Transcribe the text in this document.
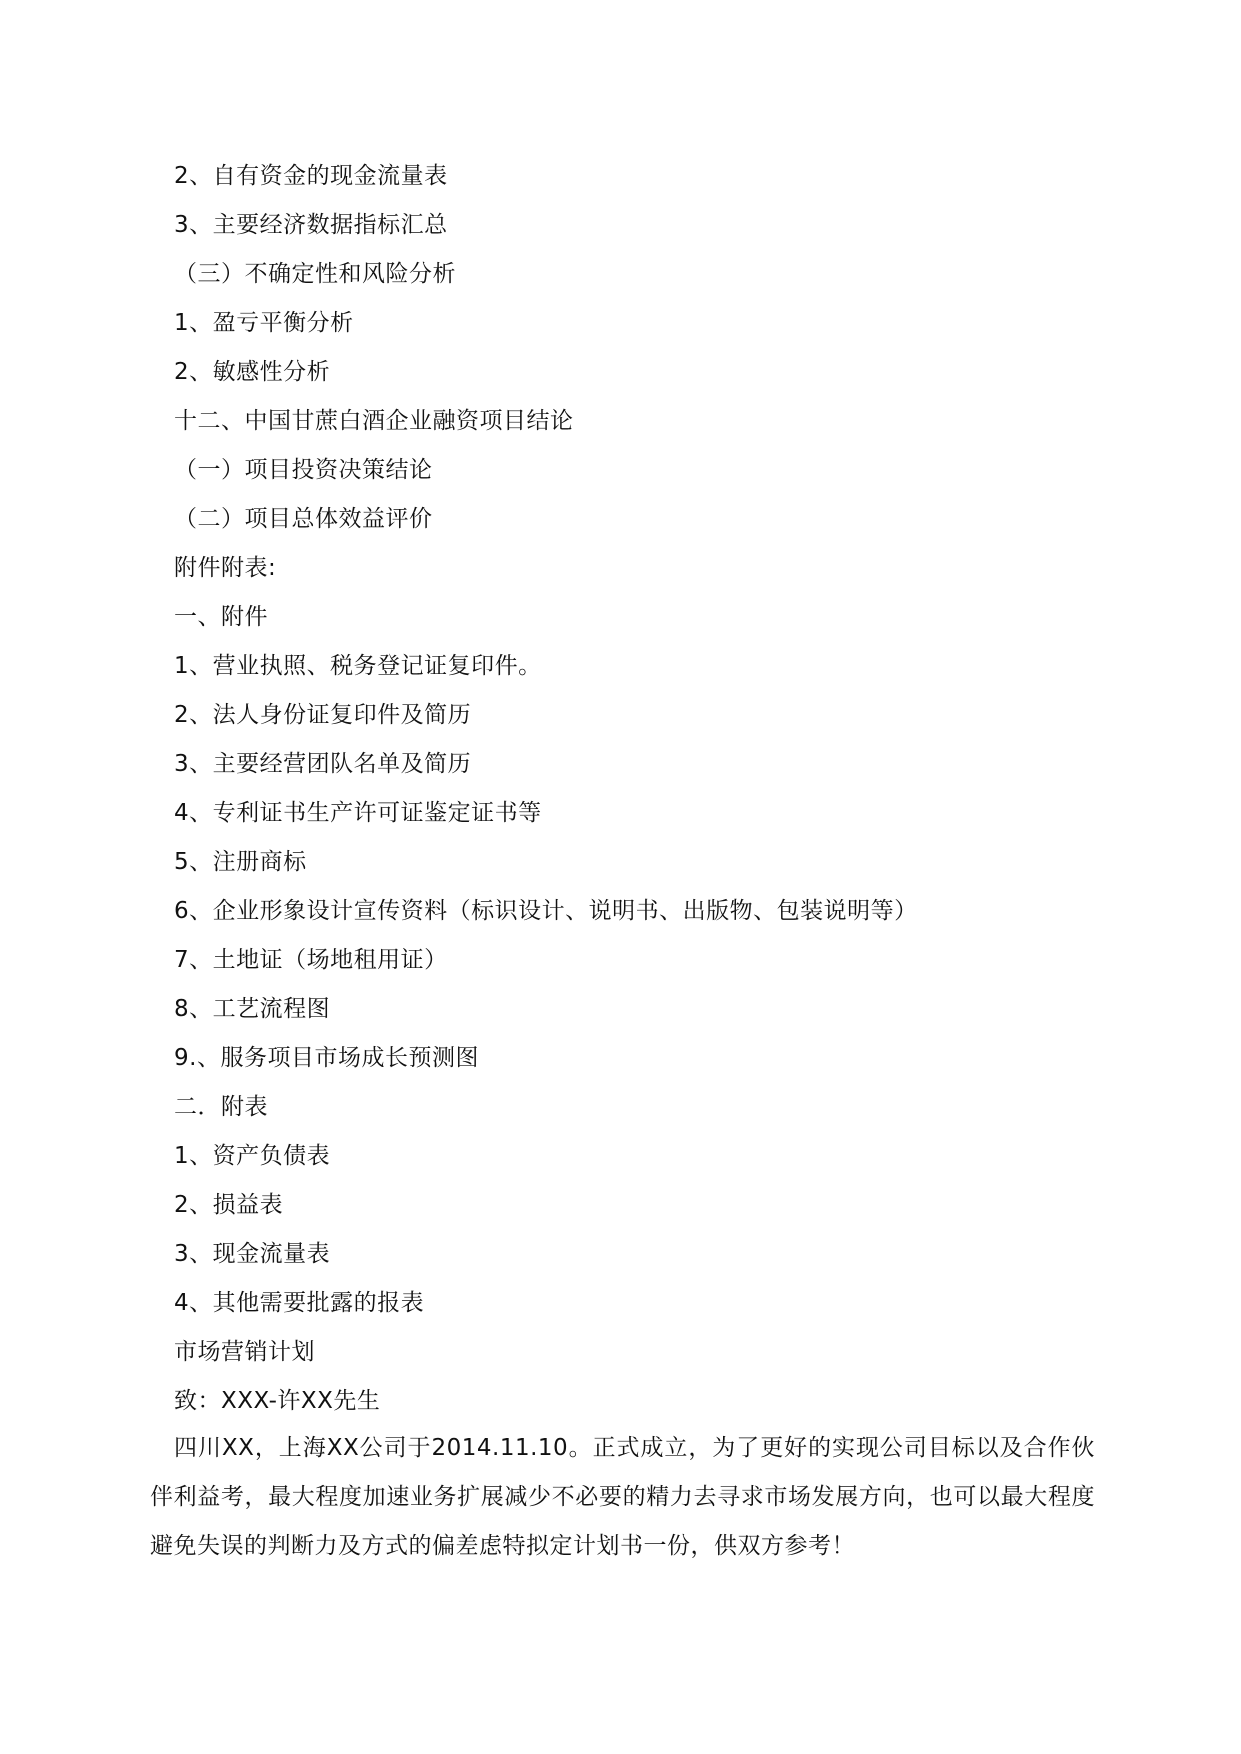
2、自有资金的现金流量表
3、主要经济数据指标汇总
（三）不确定性和风险分析
1、盈亏平衡分析
2、敏感性分析
十二、中国甘蔗白酒企业融资项目结论
（一）项目投资决策结论
（二）项目总体效益评价
附件附表:
一、附件
1、营业执照、税务登记证复印件。
2、法人身份证复印件及简历
3、主要经营团队名单及简历
4、专利证书生产许可证鉴定证书等
5、注册商标
6、企业形象设计宣传资料（标识设计、说明书、出版物、包装说明等）
7、土地证（场地租用证）
8、工艺流程图
9.、服务项目市场成长预测图
二．附表
1、资产负债表
2、损益表
3、现金流量表
4、其他需要批露的报表
市场营销计划
致：XXX-许XX先生

四川XX，上海XX公司于2014.11.10。正式成立，为了更好的实现公司目标以及合作伙伴利益考，最大程度加速业务扩展减少不必要的精力去寻求市场发展方向，也可以最大程度避免失误的判断力及方式的偏差虑特拟定计划书一份，供双方参考！
